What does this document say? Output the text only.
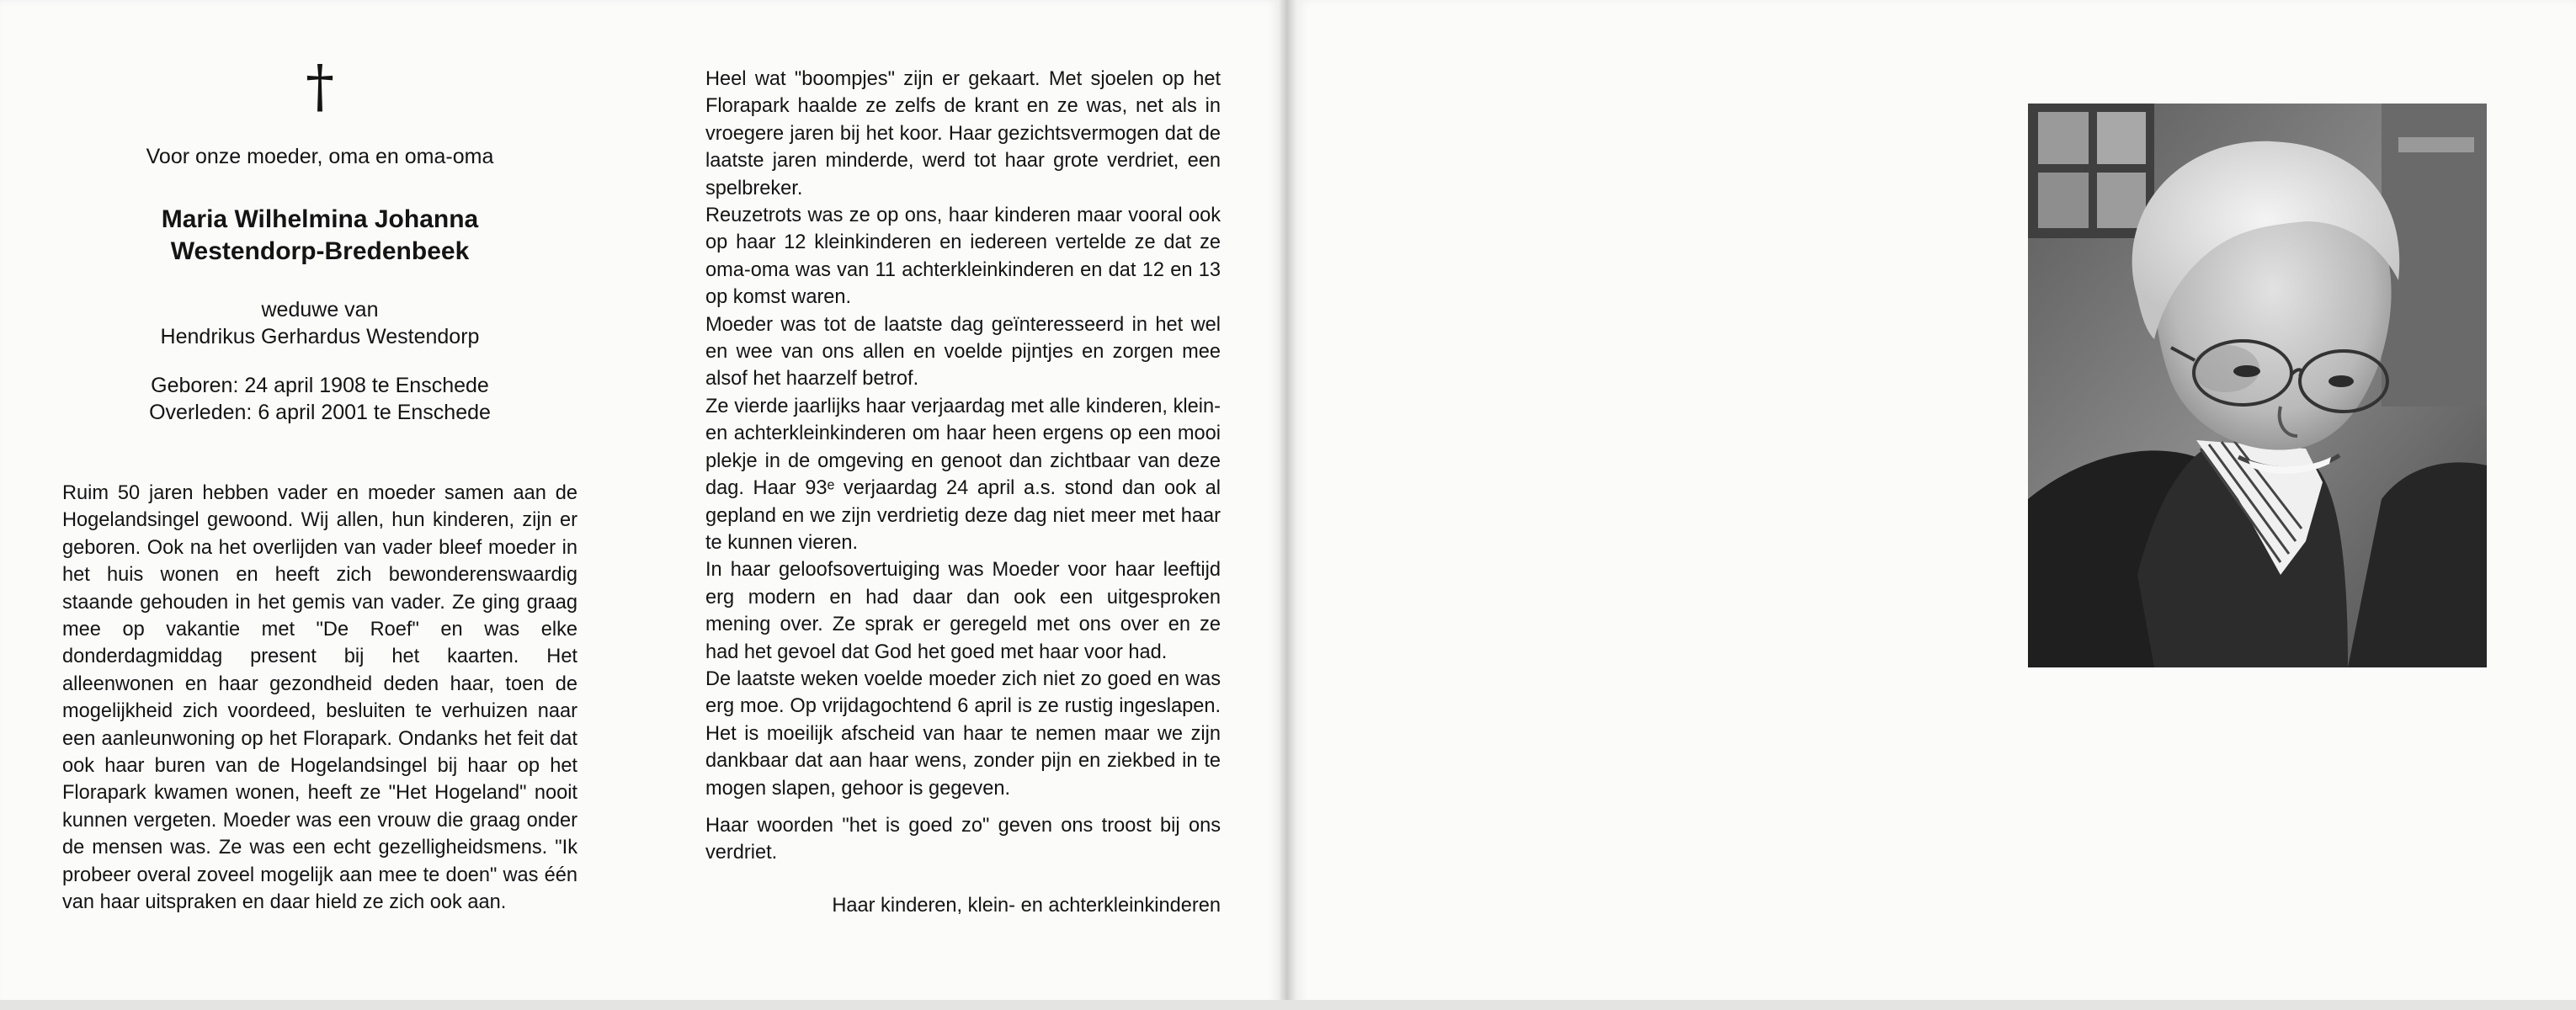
†

Voor onze moeder, oma en oma-oma

Maria Wilhelmina Johanna

Westendorp-Bredenbeek

weduwe van

Hendrikus Gerhardus Westendorp

Geboren: 24 april 1908 te Enschede

Overleden: 6 april 2001 te Enschede

Ruim 50 jaren hebben vader en moeder samen aan de Hogelandsingel gewoond. Wij allen, hun kinderen, zijn er geboren. Ook na het overlijden van vader bleef moeder in het huis wonen en heeft zich bewonderenswaardig staande gehouden in het gemis van vader. Ze ging graag mee op vakantie met "De Roef" en was elke donderdagmiddag present bij het kaarten. Het alleenwonen en haar gezondheid deden haar, toen de mogelijkheid zich voordeed, besluiten te verhuizen naar een aanleunwoning op het Florapark. Ondanks het feit dat ook haar buren van de Hogelandsingel bij haar op het Florapark kwamen wonen, heeft ze "Het Hogeland" nooit kunnen vergeten. Moeder was een vrouw die graag onder de mensen was. Ze was een echt gezelligheidsmens. "Ik probeer overal zoveel mogelijk aan mee te doen" was één van haar uitspraken en daar hield ze zich ook aan.

Heel wat "boompjes" zijn er gekaart. Met sjoelen op het Florapark haalde ze zelfs de krant en ze was, net als in vroegere jaren bij het koor. Haar gezichtsvermogen dat de laatste jaren minderde, werd tot haar grote verdriet, een spelbreker.

Reuzetrots was ze op ons, haar kinderen maar vooral ook op haar 12 kleinkinderen en iedereen vertelde ze dat ze oma-oma was van 11 achterkleinkinderen en dat 12 en 13 op komst waren.

Moeder was tot de laatste dag geïnteresseerd in het wel en wee van ons allen en voelde pijntjes en zorgen mee alsof het haarzelf betrof.

Ze vierde jaarlijks haar verjaardag met alle kinderen, klein- en achterkleinkinderen om haar heen ergens op een mooi plekje in de omgeving en genoot dan zichtbaar van deze dag. Haar 93ᵉ verjaardag 24 april a.s. stond dan ook al gepland en we zijn verdrietig deze dag niet meer met haar te kunnen vieren.

In haar geloofsovertuiging was Moeder voor haar leeftijd erg modern en had daar dan ook een uitgesproken mening over. Ze sprak er geregeld met ons over en ze had het gevoel dat God het goed met haar voor had.

De laatste weken voelde moeder zich niet zo goed en was erg moe. Op vrijdagochtend 6 april is ze rustig ingeslapen. Het is moeilijk afscheid van haar te nemen maar we zijn dankbaar dat aan haar wens, zonder pijn en ziekbed in te mogen slapen, gehoor is gegeven.

Haar woorden "het is goed zo" geven ons troost bij ons verdriet.

Haar kinderen, klein- en achterkleinkinderen
